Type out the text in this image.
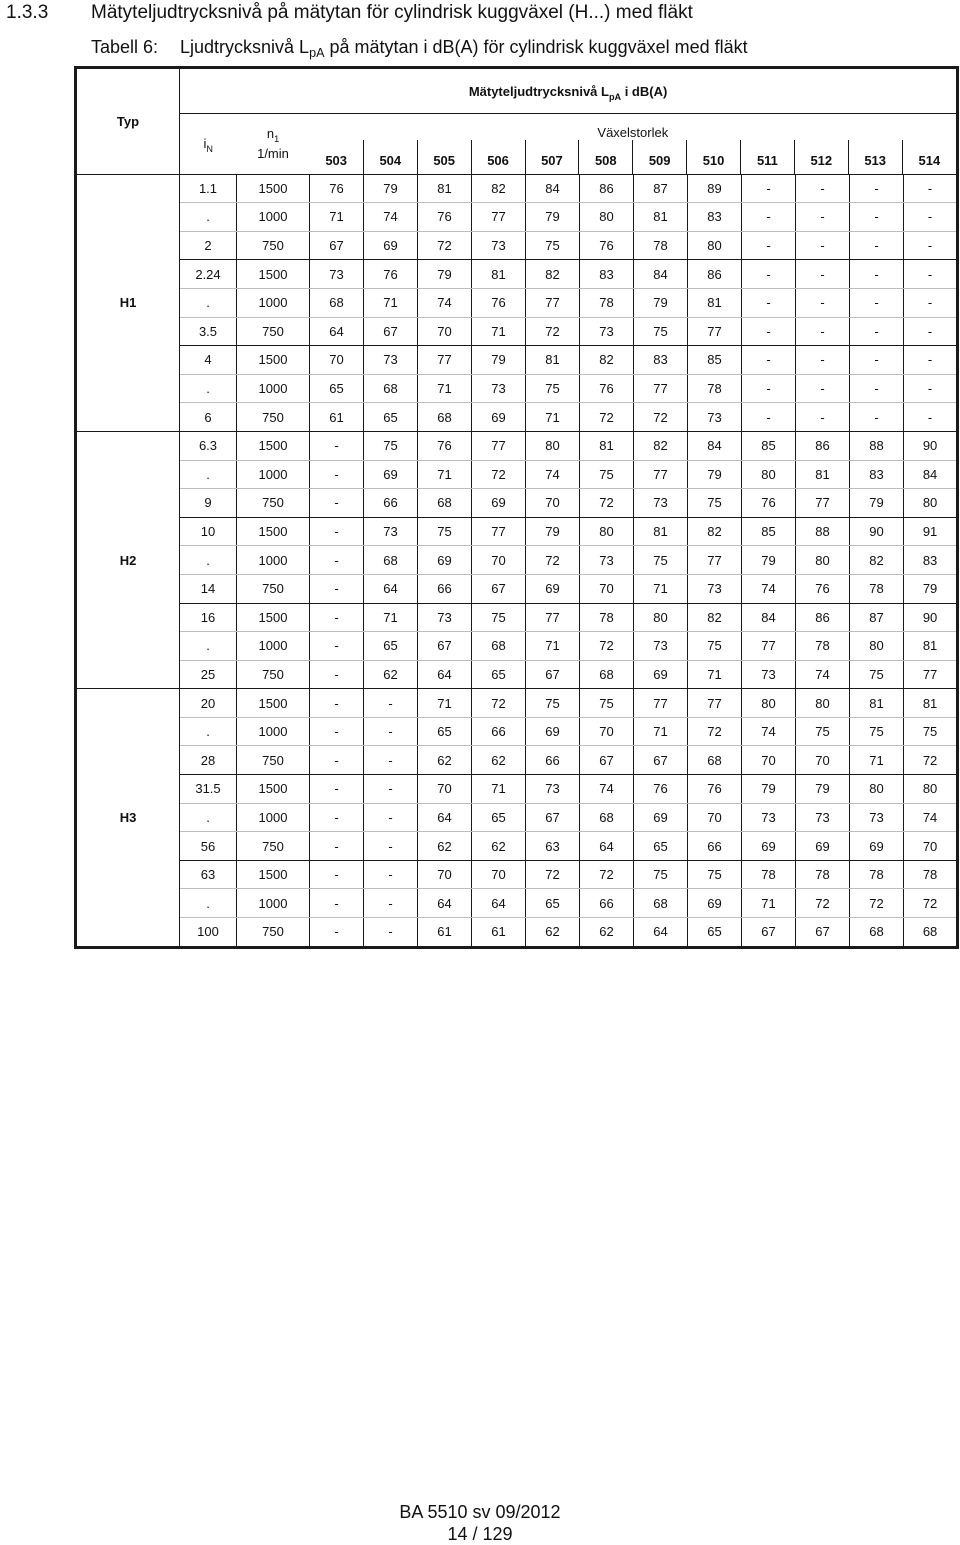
1.3.3 Mätyteljudtrycksnivå på mätytan för cylindrisk kuggväxel (H...) med fläkt
Tabell 6: Ljudtrycksnivå $L_{pA}$ på mätytan i dB(A) för cylindrisk kuggväxel med fläkt
Typ	Mätyteljudtrycksnivå $L_{pA}$ i dB(A)
$i_N$	$n_1$
1/min	
Växelstorlek
503	504	505	506	507	508	509	510	511	512	513	514

H1	1.1	1500	76	79	81	82	84	86	87	89	-	-	-	-
.	1000	71	74	76	77	79	80	81	83	-	-	-	-
2	750	67	69	72	73	75	76	78	80	-	-	-	-
2.24	1500	73	76	79	81	82	83	84	86	-	-	-	-
.	1000	68	71	74	76	77	78	79	81	-	-	-	-
3.5	750	64	67	70	71	72	73	75	77	-	-	-	-
4	1500	70	73	77	79	81	82	83	85	-	-	-	-
.	1000	65	68	71	73	75	76	77	78	-	-	-	-
6	750	61	65	68	69	71	72	72	73	-	-	-	-
H2	6.3	1500	-	75	76	77	80	81	82	84	85	86	88	90
.	1000	-	69	71	72	74	75	77	79	80	81	83	84
9	750	-	66	68	69	70	72	73	75	76	77	79	80
10	1500	-	73	75	77	79	80	81	82	85	88	90	91
.	1000	-	68	69	70	72	73	75	77	79	80	82	83
14	750	-	64	66	67	69	70	71	73	74	76	78	79
16	1500	-	71	73	75	77	78	80	82	84	86	87	90
.	1000	-	65	67	68	71	72	73	75	77	78	80	81
25	750	-	62	64	65	67	68	69	71	73	74	75	77
H3	20	1500	-	-	71	72	75	75	77	77	80	80	81	81
.	1000	-	-	65	66	69	70	71	72	74	75	75	75
28	750	-	-	62	62	66	67	67	68	70	70	71	72
31.5	1500	-	-	70	71	73	74	76	76	79	79	80	80
.	1000	-	-	64	65	67	68	69	70	73	73	73	74
56	750	-	-	62	62	63	64	65	66	69	69	69	70
63	1500	-	-	70	70	72	72	75	75	78	78	78	78
.	1000	-	-	64	64	65	66	68	69	71	72	72	72
100	750	-	-	61	61	62	62	64	65	67	67	68	68
BA 5510 sv 09/2012
14 / 129
